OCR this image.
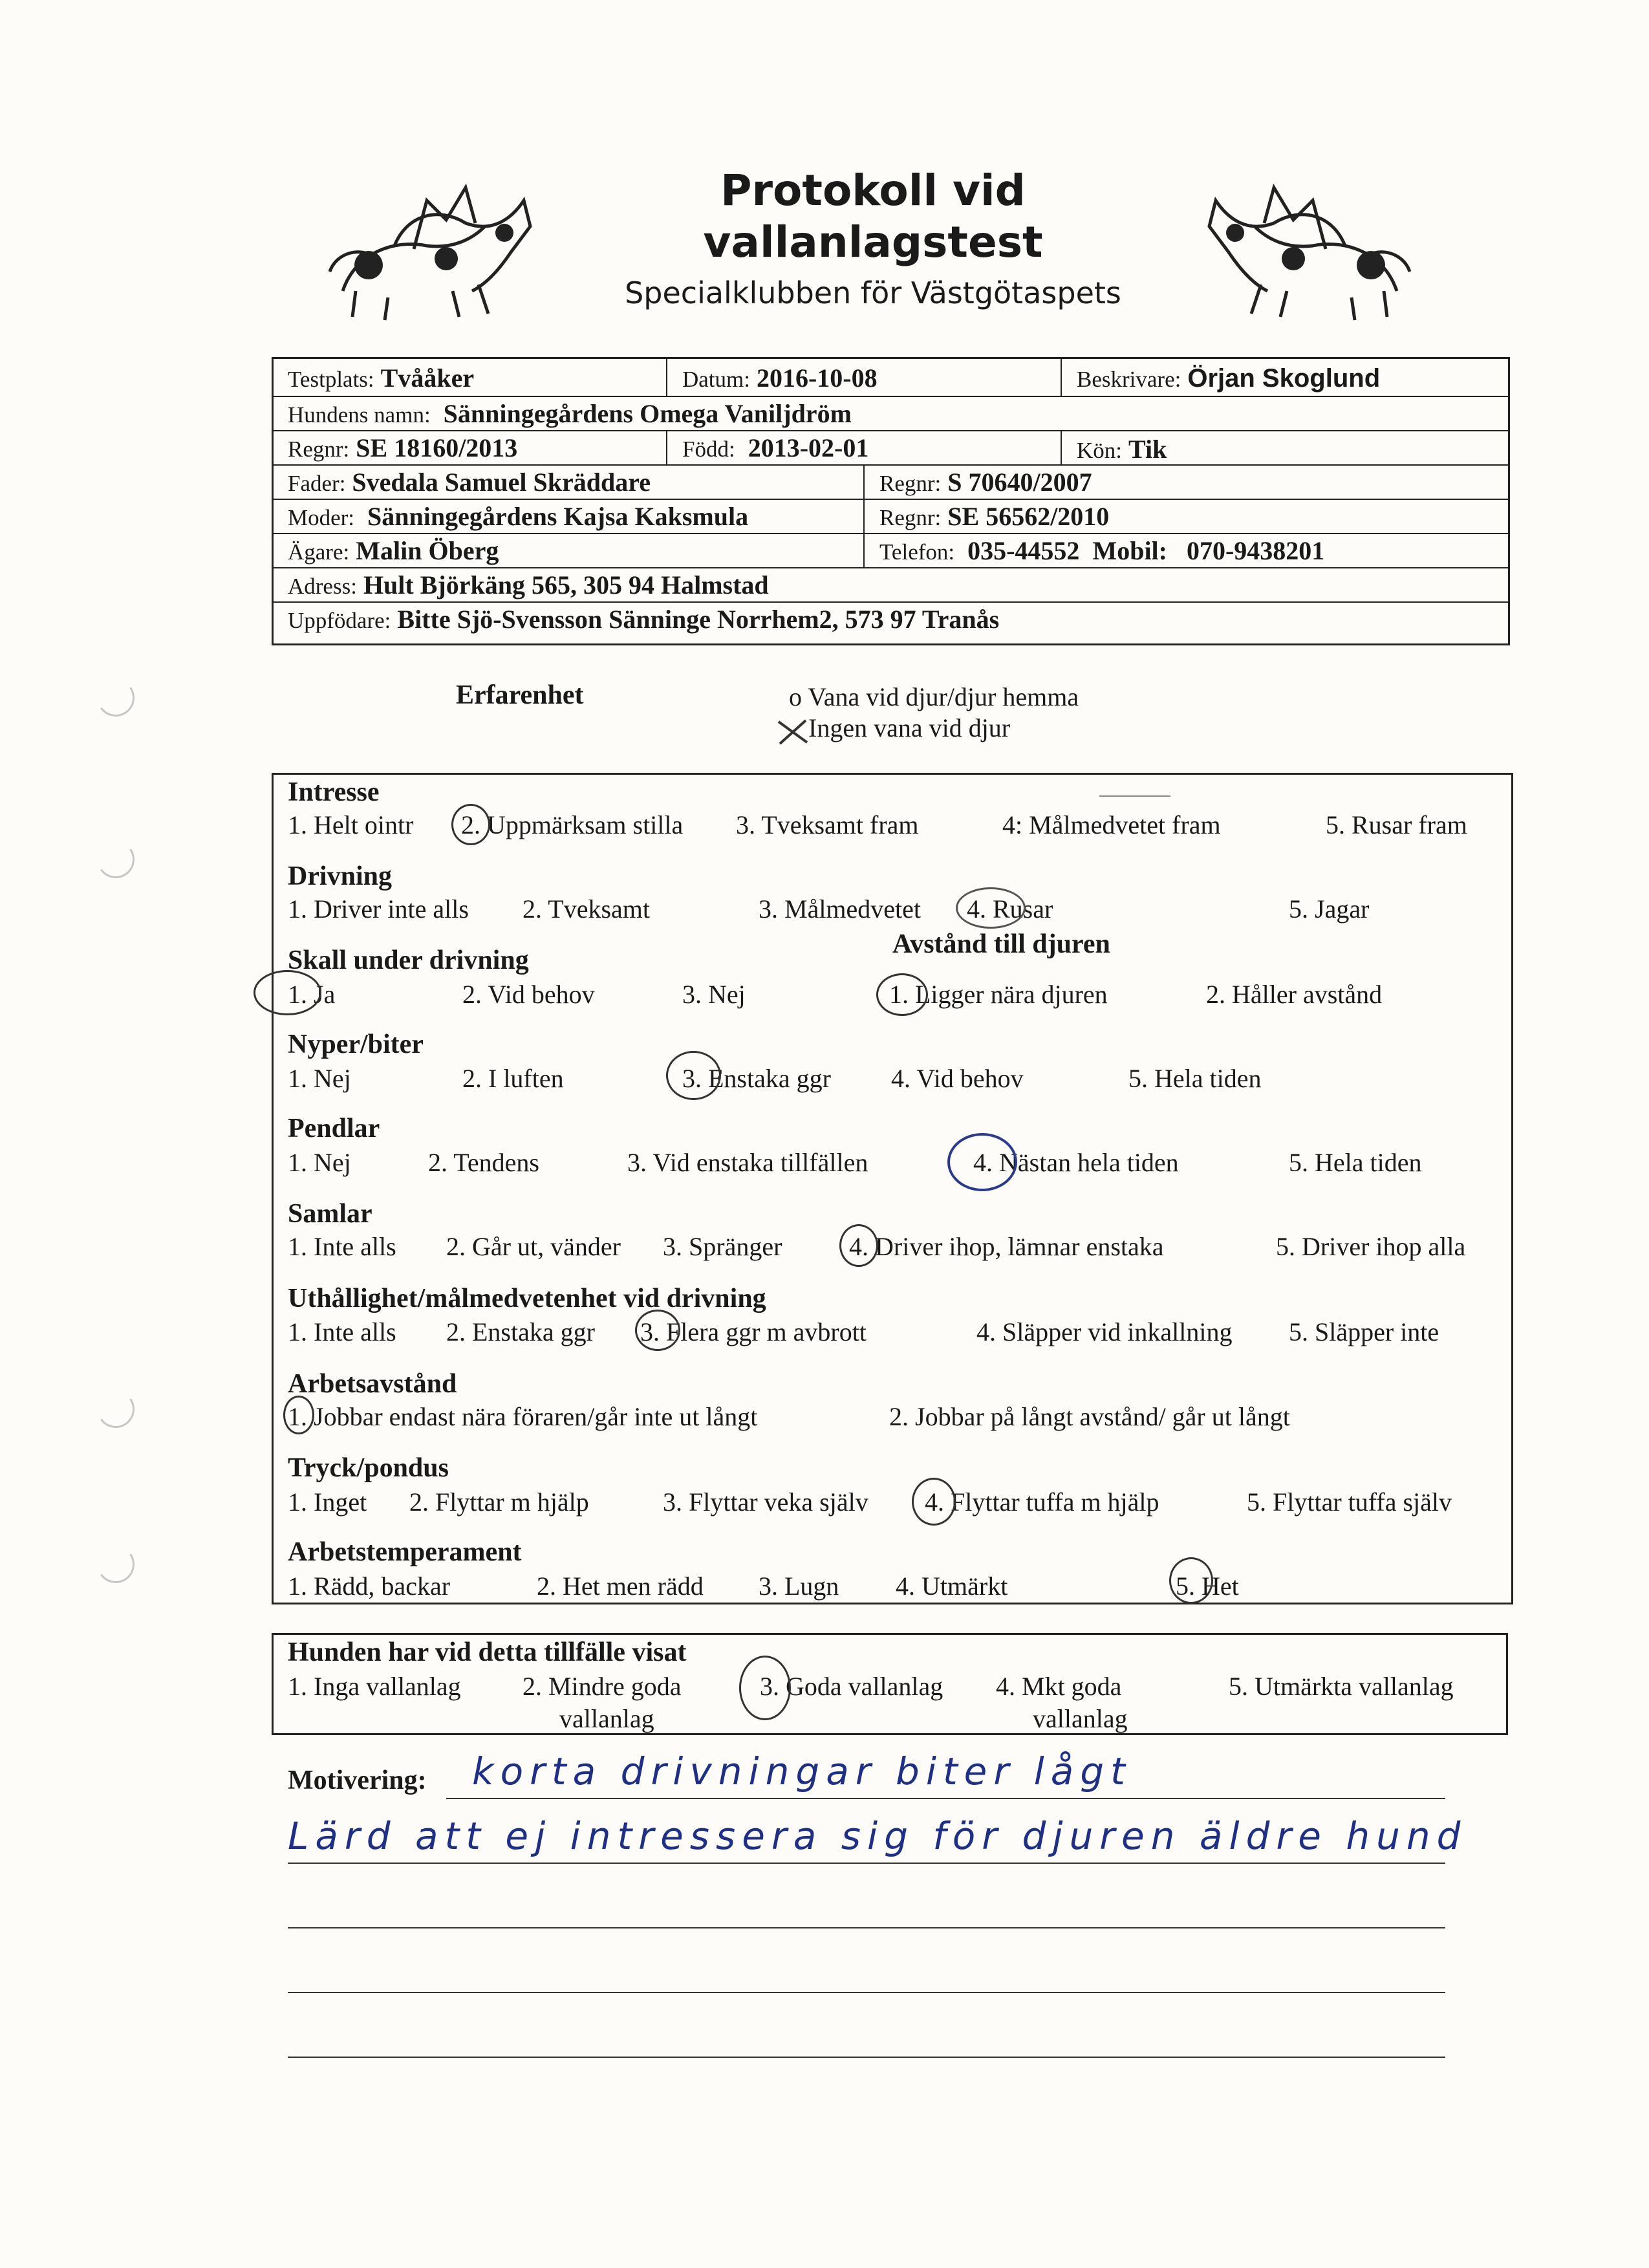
Protokoll vid
vallanlagstest
Specialklubben för Västgötaspets
Testplats: Tvååker	Datum: 2016-10-08	Beskrivare: Örjan Skoglund
Hundens namn: Sänningegårdens Omega Vaniljdröm
Regnr: SE 18160/2013	Född: 2013-02-01	Kön: Tik
Fader: Svedala Samuel Skräddare	Regnr: S 70640/2007
Moder: Sänningegårdens Kajsa Kaksmula	Regnr: SE 56562/2010
Ägare: Malin Öberg	Telefon: 035-44552 Mobil: 070-9438201
Adress: Hult Björkäng 565, 305 94 Halmstad
Uppfödare: Bitte Sjö-Svensson Sänninge Norrhem2, 573 97 Tranås
Erfarenhet	o Vana vid djur/djur hemma
Ingen vana vid djur
Intresse
1. Helt ointr 2. Uppmärksam stilla 3. Tveksamt fram	4: Målmedvetet fram	5. Rusar fram
Drivning
1. Driver inte alls 2. Tveksamt	3. Målmedvetet 4. Rusar	5. Jagar
Skall under drivning
Avstånd till djuren
1. Ja	2. Vid behov	3. Nej	1. Ligger nära djuren	2. Håller avstånd
Nyper/biter
1. Nej	2. I luften	3. Enstaka ggr 4. Vid behov	5. Hela tiden
Pendlar
1. Nej	2. Tendens	3. Vid enstaka tillfällen	4. Nästan hela tiden	5. Hela tiden
Samlar
1. Inte alls 2. Går ut, vänder 3. Spränger	4. Driver ihop, lämnar enstaka	5. Driver ihop alla
Uthållighet/målmedvetenhet vid drivning
1. Inte alls 2. Enstaka ggr 3. Flera ggr m avbrott	4. Släpper vid inkallning 5. Släpper inte
Arbetsavstånd
1. Jobbar endast nära föraren/går inte ut långt	2. Jobbar på långt avstånd/ går ut långt
Tryck/pondus
1. Inget 2. Flyttar m hjälp	3. Flyttar veka själv 4. Flyttar tuffa m hjälp	5. Flyttar tuffa själv
Arbetstemperament
1. Rädd, backar	2. Het men rädd 3. Lugn 4. Utmärkt	5. Het
Hunden har vid detta tillfälle visat
1. Inga vallanlag 2. Mindre goda
vallanlag
3. Goda vallanlag 4. Mkt goda
vallanlag
5. Utmärkta vallanlag
Motivering: korta drivningar biter lågt
Lärd att ej intressera sig för djuren äldre hund
